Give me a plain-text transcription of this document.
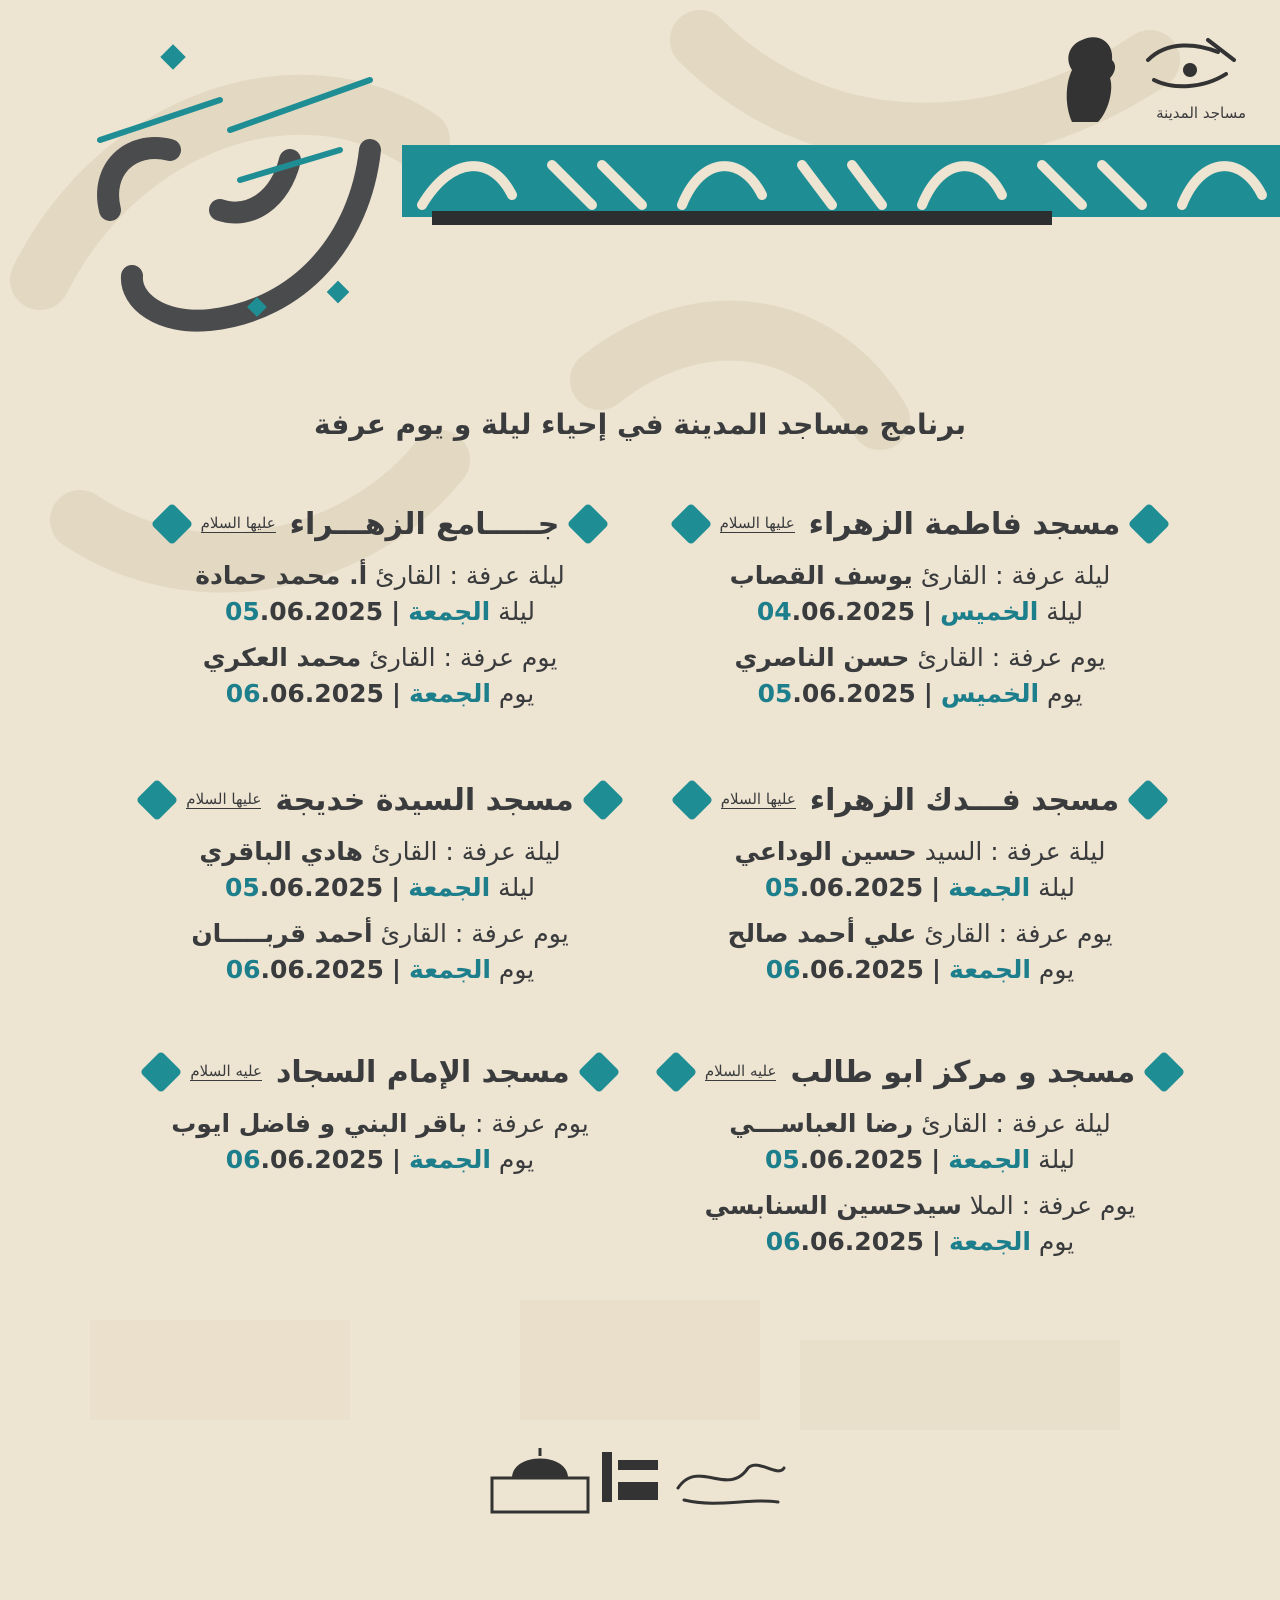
مساجد المدينة
برنامج مساجد المدينة في إحياء ليلة و يوم عرفة
مسجد فاطمة الزهراء
عليها السلام
ليلة عرفة : القارئ يوسف القصاب
ليلة الخميس | 04.06.2025
يوم عرفة : القارئ حسن الناصري
يوم الخميس | 05.06.2025
جـــــامع الزهـــراء
عليها السلام
ليلة عرفة : القارئ أ. محمد حمادة
ليلة الجمعة | 05.06.2025
يوم عرفة : القارئ محمد العكري
يوم الجمعة | 06.06.2025
مسجد فـــدك الزهراء
عليها السلام
ليلة عرفة : السيد حسين الوداعي
ليلة الجمعة | 05.06.2025
يوم عرفة : القارئ علي أحمد صالح
يوم الجمعة | 06.06.2025
مسجد السيدة خديجة
عليها السلام
ليلة عرفة : القارئ هادي الباقري
ليلة الجمعة | 05.06.2025
يوم عرفة : القارئ أحمد قربـــــان
يوم الجمعة | 06.06.2025
مسجد و مركز ابو طالب
عليه السلام
ليلة عرفة : القارئ رضا العباســـي
ليلة الجمعة | 05.06.2025
يوم عرفة : الملا سيدحسين السنابسي
يوم الجمعة | 06.06.2025
مسجد الإمام السجاد
عليه السلام
يوم عرفة : باقر البني و فاضل ايوب
يوم الجمعة | 06.06.2025
